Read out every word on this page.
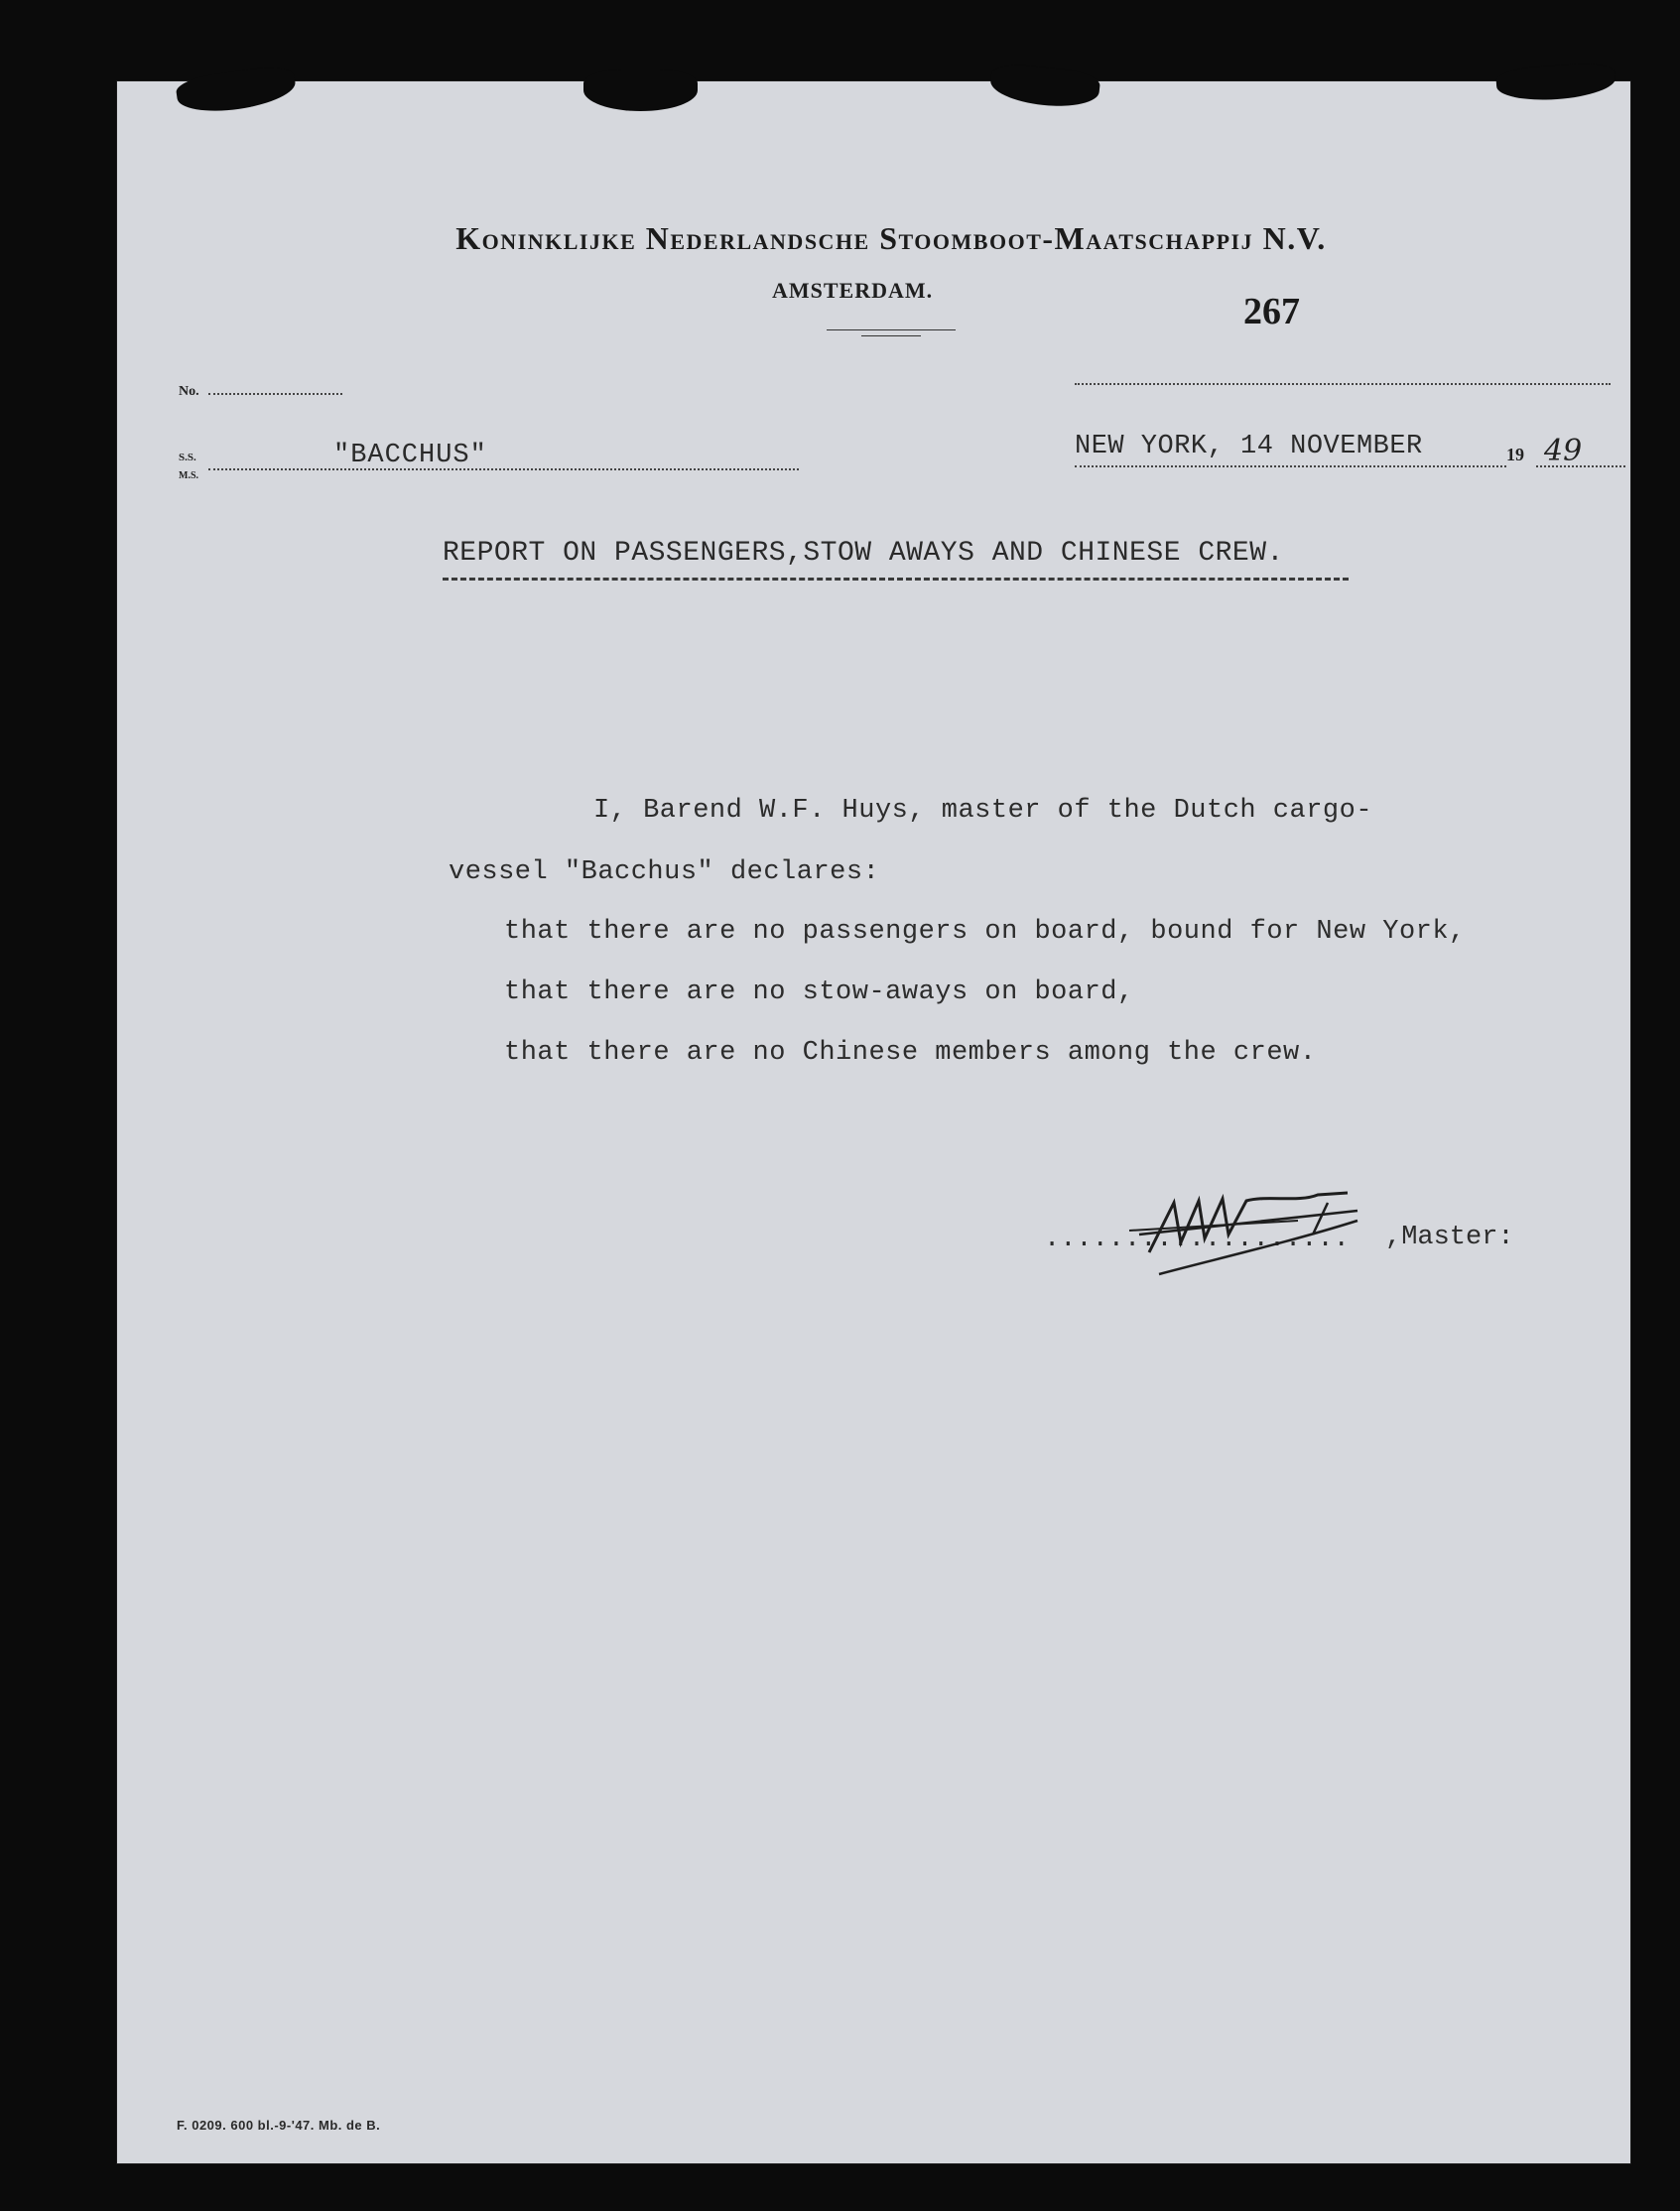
Koninklijke Nederlandsche Stoomboot-Maatschappij N.V.
AMSTERDAM.
267
No.
S.S.
M.S.
"BACCHUS"	NEW YORK, 14 NOVEMBER	19 49
REPORT ON PASSENGERS,STOW AWAYS AND CHINESE CREW.
I, Barend W.F. Huys, master of the Dutch cargo-
vessel "Bacchus" declares:
that there are no passengers on board, bound for New York,
that there are no stow-aways on board,
that there are no Chinese members among the crew.
................... ,Master:
F. 0209. 600 bl.-9-'47. Mb. de B.
